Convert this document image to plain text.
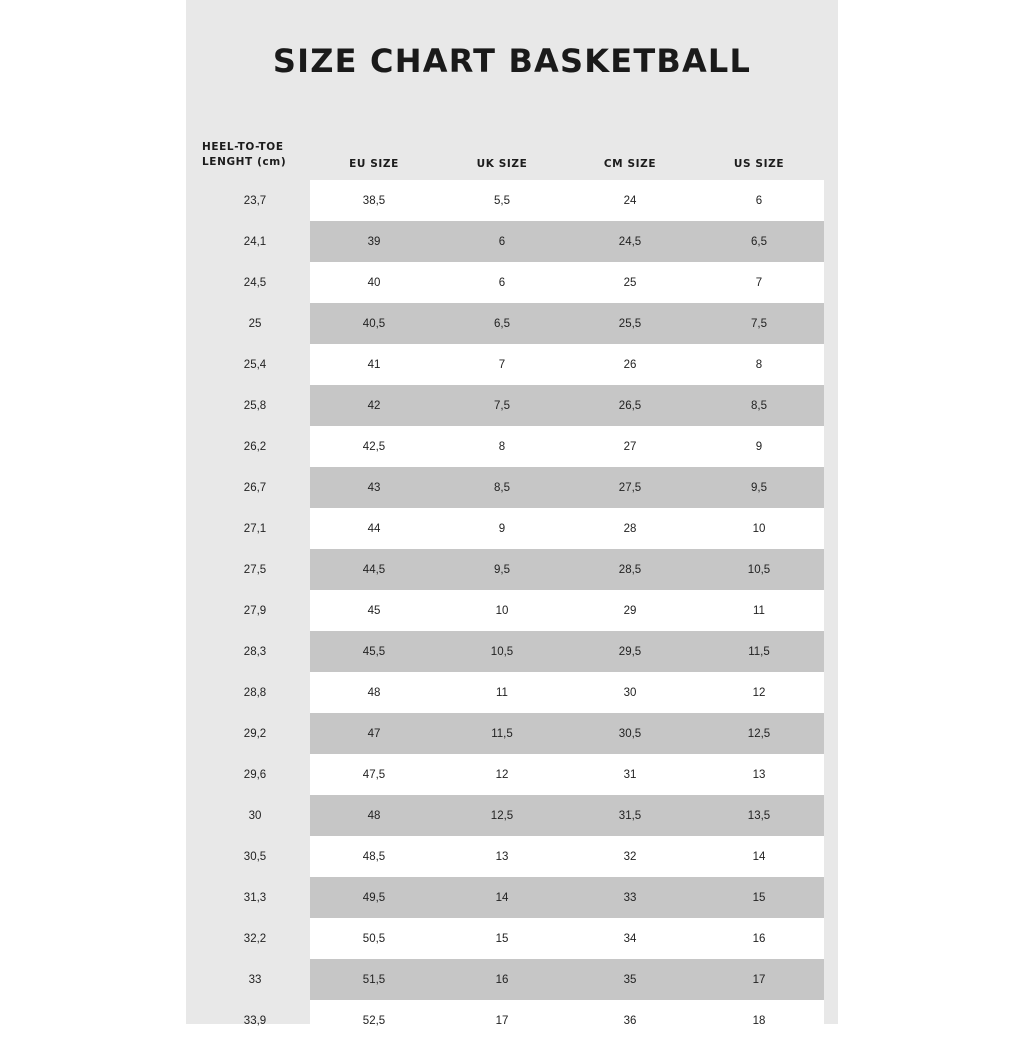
SIZE CHART BASKETBALL
HEEL-TO-TOE
LENGHT (cm)	EU SIZE	UK SIZE	CM SIZE	US SIZE
23,7	38,5	5,5	24	6
24,1	39	6	24,5	6,5
24,5	40	6	25	7
25	40,5	6,5	25,5	7,5
25,4	41	7	26	8
25,8	42	7,5	26,5	8,5
26,2	42,5	8	27	9
26,7	43	8,5	27,5	9,5
27,1	44	9	28	10
27,5	44,5	9,5	28,5	10,5
27,9	45	10	29	11
28,3	45,5	10,5	29,5	11,5
28,8	48	11	30	12
29,2	47	11,5	30,5	12,5
29,6	47,5	12	31	13
30	48	12,5	31,5	13,5
30,5	48,5	13	32	14
31,3	49,5	14	33	15
32,2	50,5	15	34	16
33	51,5	16	35	17
33,9	52,5	17	36	18
